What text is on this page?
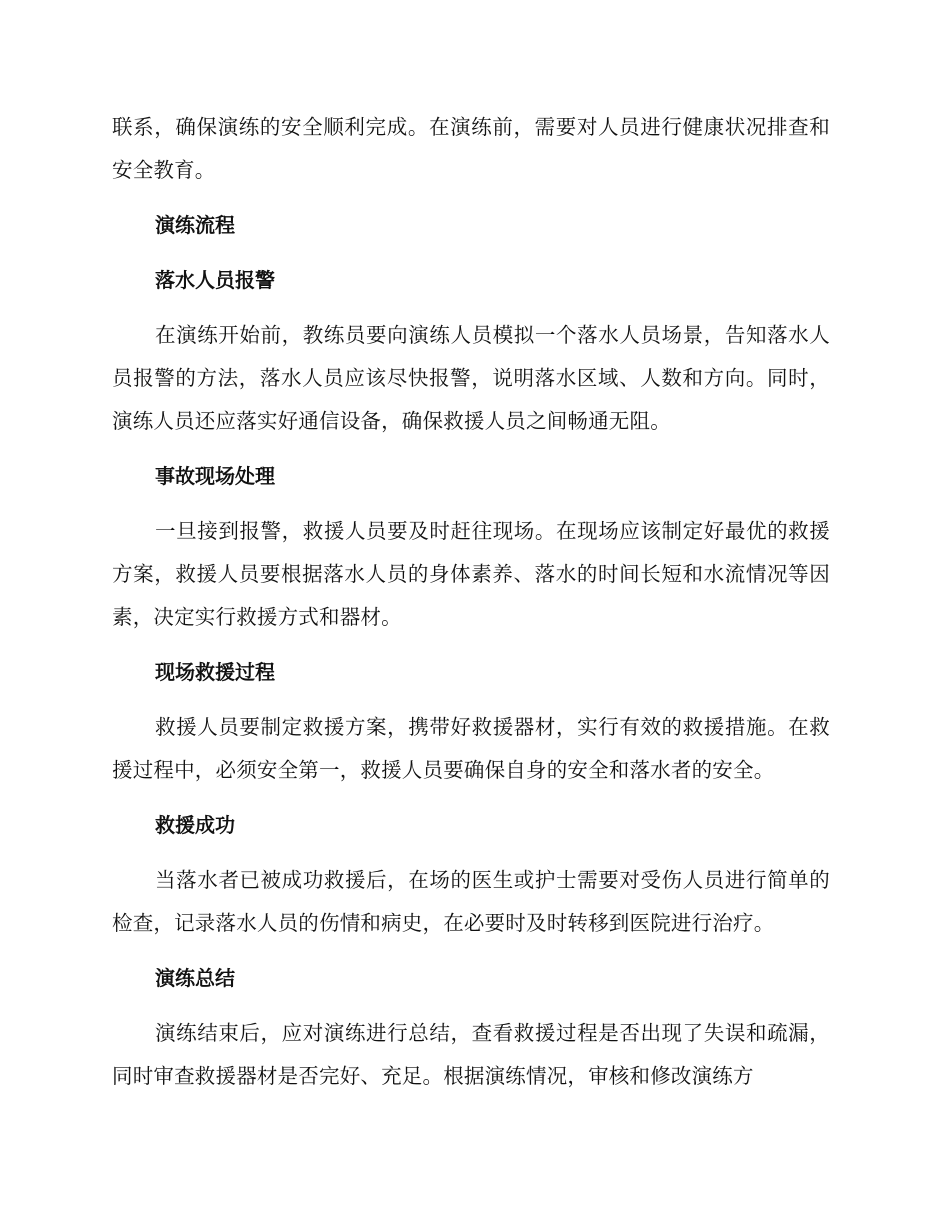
联系，确保演练的安全顺利完成。在演练前，需要对人员进行健康状况排查和安全教育。

演练流程

落水人员报警

在演练开始前，教练员要向演练人员模拟一个落水人员场景，告知落水人员报警的方法，落水人员应该尽快报警，说明落水区域、人数和方向。同时，演练人员还应落实好通信设备，确保救援人员之间畅通无阻。

事故现场处理

一旦接到报警，救援人员要及时赶往现场。在现场应该制定好最优的救援方案，救援人员要根据落水人员的身体素养、落水的时间长短和水流情况等因素，决定实行救援方式和器材。

现场救援过程

救援人员要制定救援方案，携带好救援器材，实行有效的救援措施。在救援过程中，必须安全第一，救援人员要确保自身的安全和落水者的安全。

救援成功

当落水者已被成功救援后，在场的医生或护士需要对受伤人员进行简单的检查，记录落水人员的伤情和病史，在必要时及时转移到医院进行治疗。

演练总结

演练结束后，应对演练进行总结，查看救援过程是否出现了失误和疏漏，同时审查救援器材是否完好、充足。根据演练情况，审核和修改演练方
